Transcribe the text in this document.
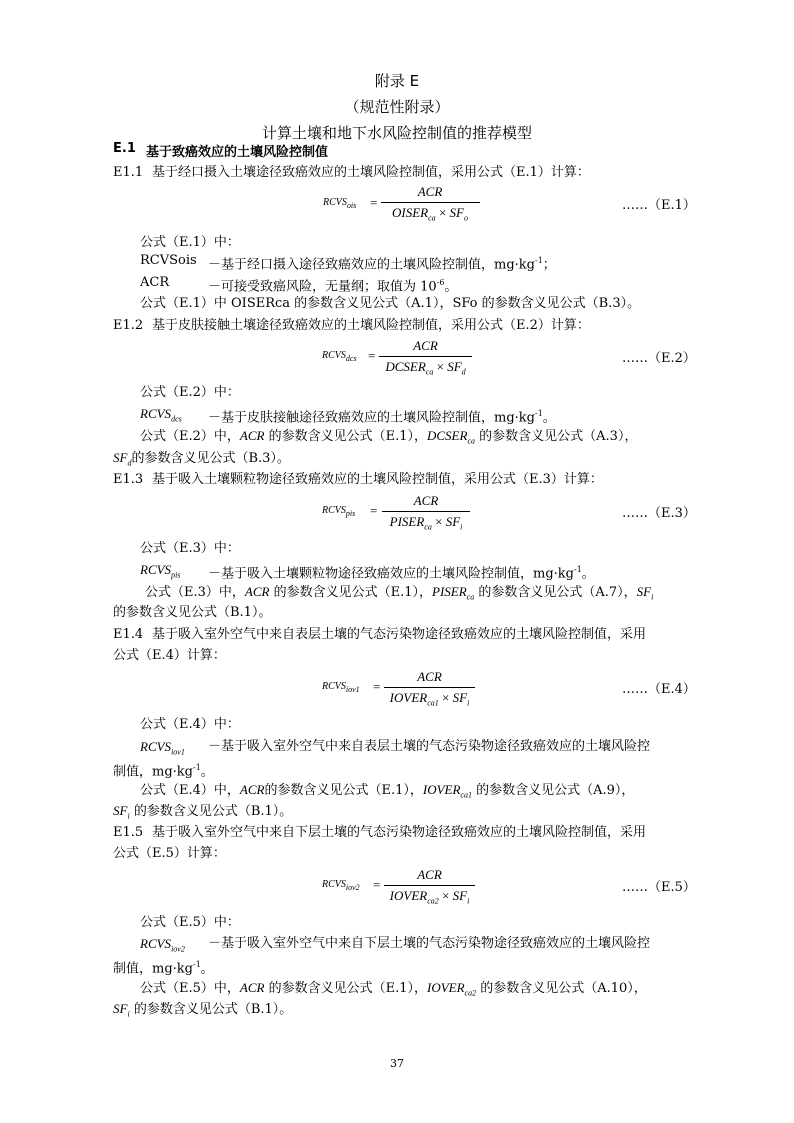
附录 E
（规范性附录）
计算土壤和地下水风险控制值的推荐模型
E.1 基于致癌效应的土壤风险控制值
E1.1 基于经口摄入土壤途径致癌效应的土壤风险控制值，采用公式（E.1）计算：
$RCVS_{ois}$ =
ACR
$OISER_{ca} \times SF_o$
……（E.1）
公式（E.1）中：
RCVSois －基于经口摄入途径致癌效应的土壤风险控制值，$mg\cdot kg^{-1}$；
ACR	－可接受致癌风险，无量纲；取值为 $10^{-6}$。
公式（E.1）中 OISERca 的参数含义见公式（A.1），SFo 的参数含义见公式（B.3）。
E1.2 基于皮肤接触土壤途径致癌效应的土壤风险控制值，采用公式（E.2）计算：
$RCVS_{dcs}$ =
ACR
$DCSER_{ca} \times SF_d$
……（E.2）
公式（E.2）中：
$RCVS_{dcs}$ －基于皮肤接触途径致癌效应的土壤风险控制值，$mg\cdot kg^{-1}$。
公式（E.2）中，ACR 的参数含义见公式（E.1），$DCSER_{ca}$ 的参数含义见公式（A.3），
$SF_d$的参数含义见公式（B.3）。
E1.3 基于吸入土壤颗粒物途径致癌效应的土壤风险控制值，采用公式（E.3）计算：
$RCVS_{pis}$ =
ACR
$PISER_{ca} \times SF_i$
……（E.3）
公式（E.3）中：
$RCVS_{pis}$ －基于吸入土壤颗粒物途径致癌效应的土壤风险控制值，$mg\cdot kg^{-1}$。
公式（E.3）中，ACR 的参数含义见公式（E.1），$PISER_{ca}$ 的参数含义见公式（A.7），$SF_i$
的参数含义见公式（B.1）。
E1.4 基于吸入室外空气中来自表层土壤的气态污染物途径致癌效应的土壤风险控制值，采用
公式（E.4）计算：
$RCVS_{iov1}$ =
ACR
$IOVER_{ca1} \times SF_i$
……（E.4）
公式（E.4）中：
$RCVS_{iov1}$ －基于吸入室外空气中来自表层土壤的气态污染物途径致癌效应的土壤风险控
制值，$mg\cdot kg^{-1}$。
公式（E.4）中，ACR的参数含义见公式（E.1），$IOVER_{ca1}$ 的参数含义见公式（A.9），
$SF_i$ 的参数含义见公式（B.1）。
E1.5 基于吸入室外空气中来自下层土壤的气态污染物途径致癌效应的土壤风险控制值，采用
公式（E.5）计算：
$RCVS_{iov2}$ =
ACR
$IOVER_{ca2} \times SF_i$
……（E.5）
公式（E.5）中：
$RCVS_{iov2}$ －基于吸入室外空气中来自下层土壤的气态污染物途径致癌效应的土壤风险控
制值，$mg\cdot kg^{-1}$。
公式（E.5）中，ACR 的参数含义见公式（E.1），$IOVER_{ca2}$ 的参数含义见公式（A.10），
$SF_i$ 的参数含义见公式（B.1）。
37
